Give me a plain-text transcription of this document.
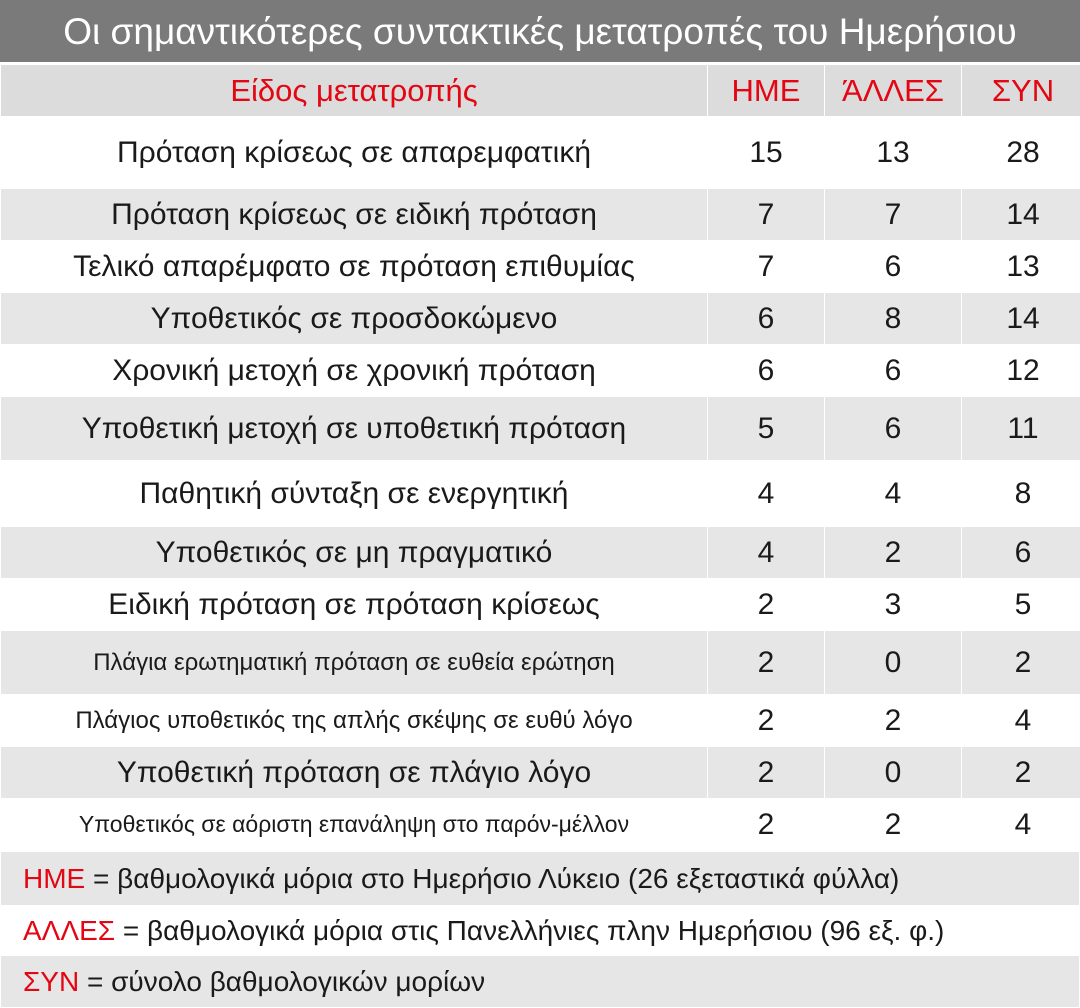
Οι σημαντικότερες συντακτικές μετατροπές του Ημερήσιου
Είδος μετατροπής	ΗΜΕ	ΆΛΛΕΣ	ΣΥΝ
Πρόταση κρίσεως σε απαρεμφατική	15	13	28
Πρόταση κρίσεως σε ειδική πρόταση	7	7	14
Τελικό απαρέμφατο σε πρόταση επιθυμίας	7	6	13
Υποθετικός σε προσδοκώμενο	6	8	14
Χρονική μετοχή σε χρονική πρόταση	6	6	12
Υποθετική μετοχή σε υποθετική πρόταση	5	6	11
Παθητική σύνταξη σε ενεργητική	4	4	8
Υποθετικός σε μη πραγματικό	4	2	6
Ειδική πρόταση σε πρόταση κρίσεως	2	3	5
Πλάγια ερωτηματική πρόταση σε ευθεία ερώτηση	2	0	2
Πλάγιος υποθετικός της απλής σκέψης σε ευθύ λόγο	2	2	4
Υποθετική πρόταση σε πλάγιο λόγο	2	0	2
Υποθετικός σε αόριστη επανάληψη στο παρόν-μέλλον	2	2	4
ΗΜΕ = βαθμολογικά μόρια στο Ημερήσιο Λύκειο (26 εξεταστικά φύλλα)
ΑΛΛΕΣ = βαθμολογικά μόρια στις Πανελλήνιες πλην Ημερήσιου (96 εξ. φ.)
ΣΥΝ = σύνολο βαθμολογικών μορίων
